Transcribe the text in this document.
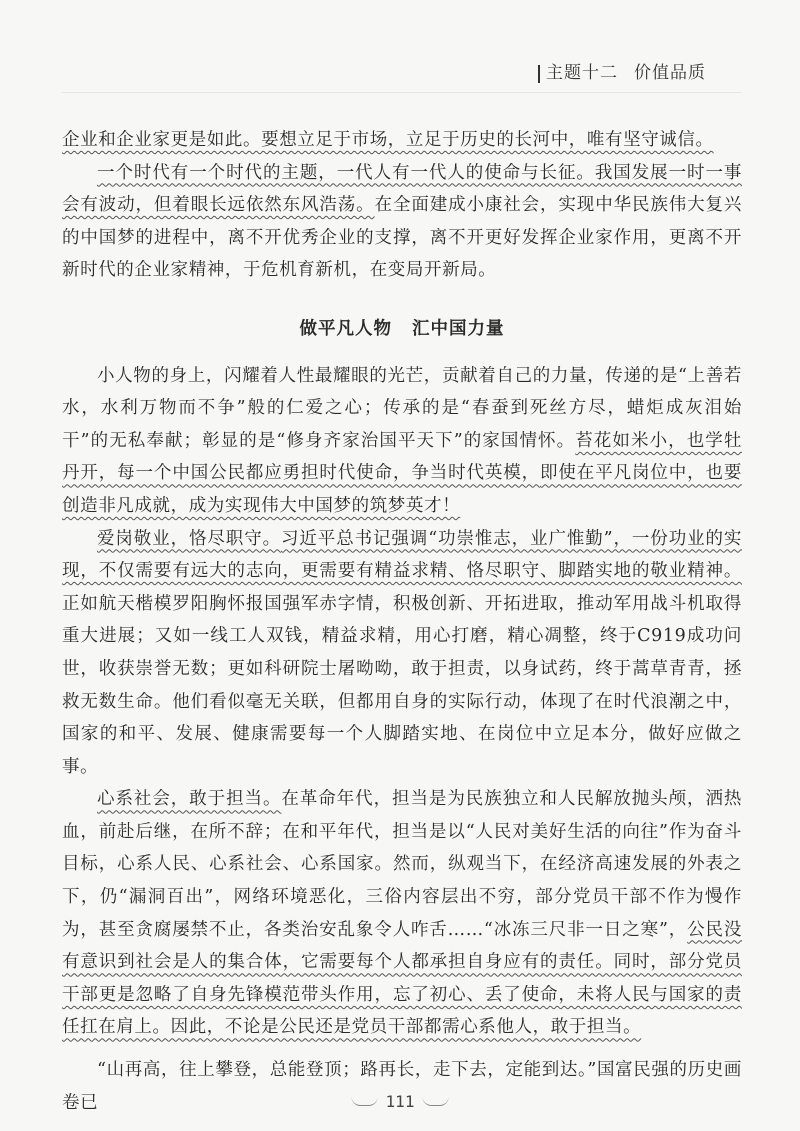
主题十二 价值品质

企业和企业家更是如此。要想立足于市场，立足于历史的长河中，唯有坚守诚信。

一个时代有一个时代的主题，一代人有一代人的使命与长征。我国发展一时一事会有波动，但着眼长远依然东风浩荡。在全面建成小康社会，实现中华民族伟大复兴的中国梦的进程中，离不开优秀企业的支撑，离不开更好发挥企业家作用，更离不开新时代的企业家精神，于危机育新机，在变局开新局。

做平凡人物 汇中国力量

小人物的身上，闪耀着人性最耀眼的光芒，贡献着自己的力量，传递的是“上善若水，水利万物而不争”般的仁爱之心；传承的是“春蚕到死丝方尽，蜡炬成灰泪始干”的无私奉献；彰显的是“修身齐家治国平天下”的家国情怀。苔花如米小，也学牡丹开，每一个中国公民都应勇担时代使命，争当时代英模，即使在平凡岗位中，也要创造非凡成就，成为实现伟大中国梦的筑梦英才！

爱岗敬业，恪尽职守。习近平总书记强调“功崇惟志，业广惟勤”，一份功业的实现，不仅需要有远大的志向，更需要有精益求精、恪尽职守、脚踏实地的敬业精神。正如航天楷模罗阳胸怀报国强军赤字情，积极创新、开拓进取，推动军用战斗机取得重大进展；又如一线工人双钱，精益求精，用心打磨，精心凋整，终于C919成功问世，收获崇誉无数；更如科研院士屠呦呦，敢于担责，以身试药，终于蒿草青青，拯救无数生命。他们看似毫无关联，但都用自身的实际行动，体现了在时代浪潮之中，国家的和平、发展、健康需要每一个人脚踏实地、在岗位中立足本分，做好应做之事。

心系社会，敢于担当。在革命年代，担当是为民族独立和人民解放抛头颅，洒热血，前赴后继，在所不辞；在和平年代，担当是以“人民对美好生活的向往”作为奋斗目标，心系人民、心系社会、心系国家。然而，纵观当下，在经济高速发展的外表之下，仍“漏洞百出”，网络环境恶化，三俗内容层出不穷，部分党员干部不作为慢作为，甚至贪腐屡禁不止，各类治安乱象令人咋舌……“冰冻三尺非一日之寒”，公民没有意识到社会是人的集合体，它需要每个人都承担自身应有的责任。同时，部分党员干部更是忽略了自身先锋模范带头作用，忘了初心、丢了使命，未将人民与国家的责任扛在肩上。因此，不论是公民还是党员干部都需心系他人，敢于担当。

“山再高，往上攀登，总能登顶；路再长，走下去，定能到达。”国富民强的历史画卷已	111
